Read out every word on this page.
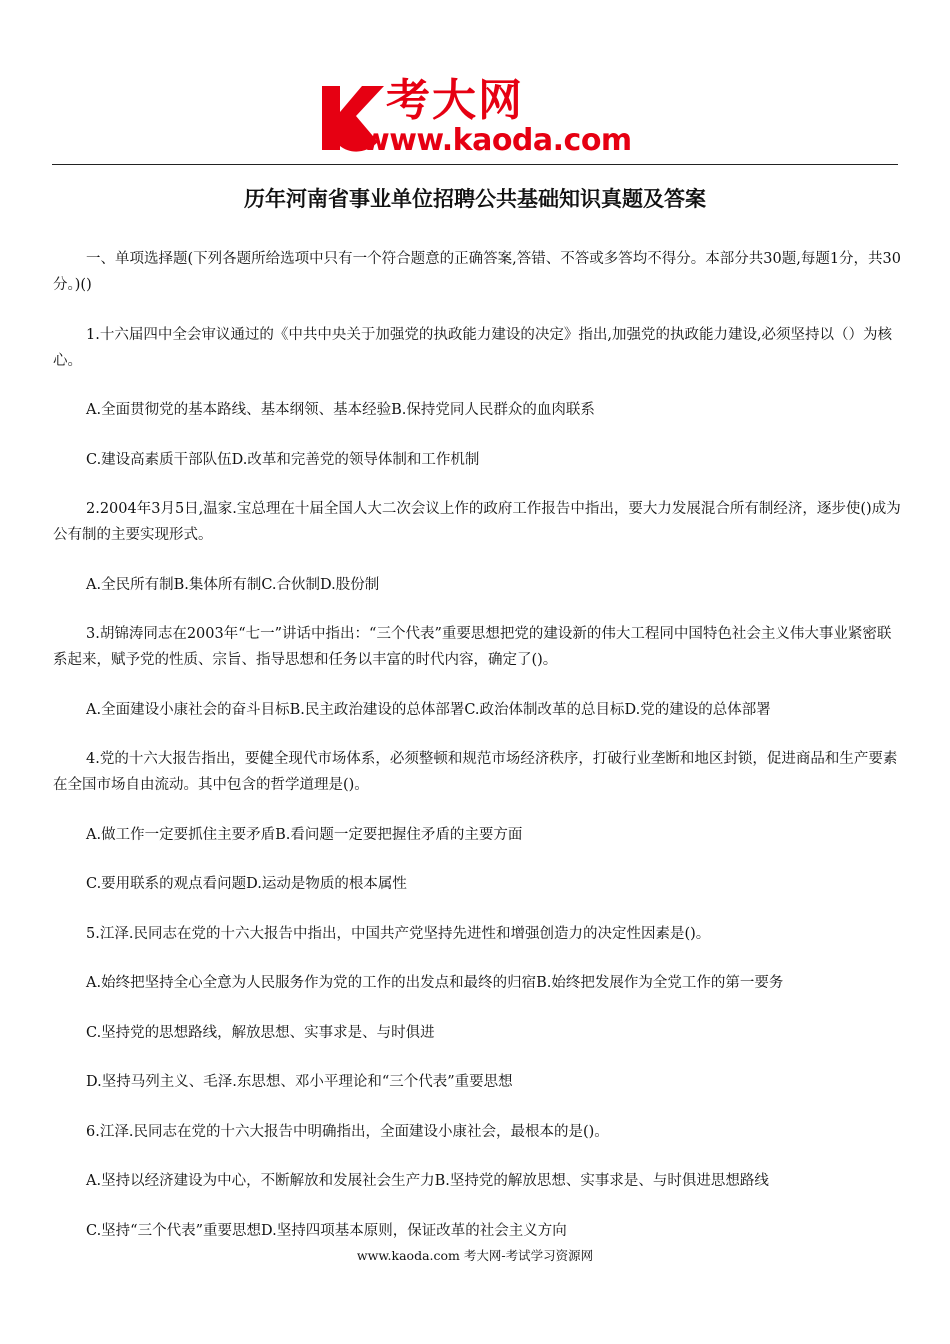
考大网
www.kaoda.com
历年河南省事业单位招聘公共基础知识真题及答案

一、单项选择题(下列各题所给选项中只有一个符合题意的正确答案,答错、不答或多答均不得分。本部分共30题,每题1分，共30分。)()

1.十六届四中全会审议通过的《中共中央关于加强党的执政能力建设的决定》指出,加强党的执政能力建设,必须坚持以（）为核心。

A.全面贯彻党的基本路线、基本纲领、基本经验B.保持党同人民群众的血肉联系

C.建设高素质干部队伍D.改革和完善党的领导体制和工作机制

2.2004年3月5日,温家.宝总理在十届全国人大二次会议上作的政府工作报告中指出，要大力发展混合所有制经济，逐步使()成为公有制的主要实现形式。

A.全民所有制B.集体所有制C.合伙制D.股份制

3.胡锦涛同志在2003年“七一”讲话中指出：“三个代表”重要思想把党的建设新的伟大工程同中国特色社会主义伟大事业紧密联系起来，赋予党的性质、宗旨、指导思想和任务以丰富的时代内容，确定了()。

A.全面建设小康社会的奋斗目标B.民主政治建设的总体部署C.政治体制改革的总目标D.党的建设的总体部署

4.党的十六大报告指出，要健全现代市场体系，必须整顿和规范市场经济秩序，打破行业垄断和地区封锁，促进商品和生产要素在全国市场自由流动。其中包含的哲学道理是()。

A.做工作一定要抓住主要矛盾B.看问题一定要把握住矛盾的主要方面

C.要用联系的观点看问题D.运动是物质的根本属性

5.江泽.民同志在党的十六大报告中指出，中国共产党坚持先进性和增强创造力的决定性因素是()。

A.始终把坚持全心全意为人民服务作为党的工作的出发点和最终的归宿B.始终把发展作为全党工作的第一要务

C.坚持党的思想路线，解放思想、实事求是、与时俱进

D.坚持马列主义、毛泽.东思想、邓小平理论和“三个代表”重要思想

6.江泽.民同志在党的十六大报告中明确指出，全面建设小康社会，最根本的是()。

A.坚持以经济建设为中心，不断解放和发展社会生产力B.坚持党的解放思想、实事求是、与时俱进思想路线

C.坚持“三个代表”重要思想D.坚持四项基本原则，保证改革的社会主义方向

www.kaoda.com 考大网-考试学习资源网
